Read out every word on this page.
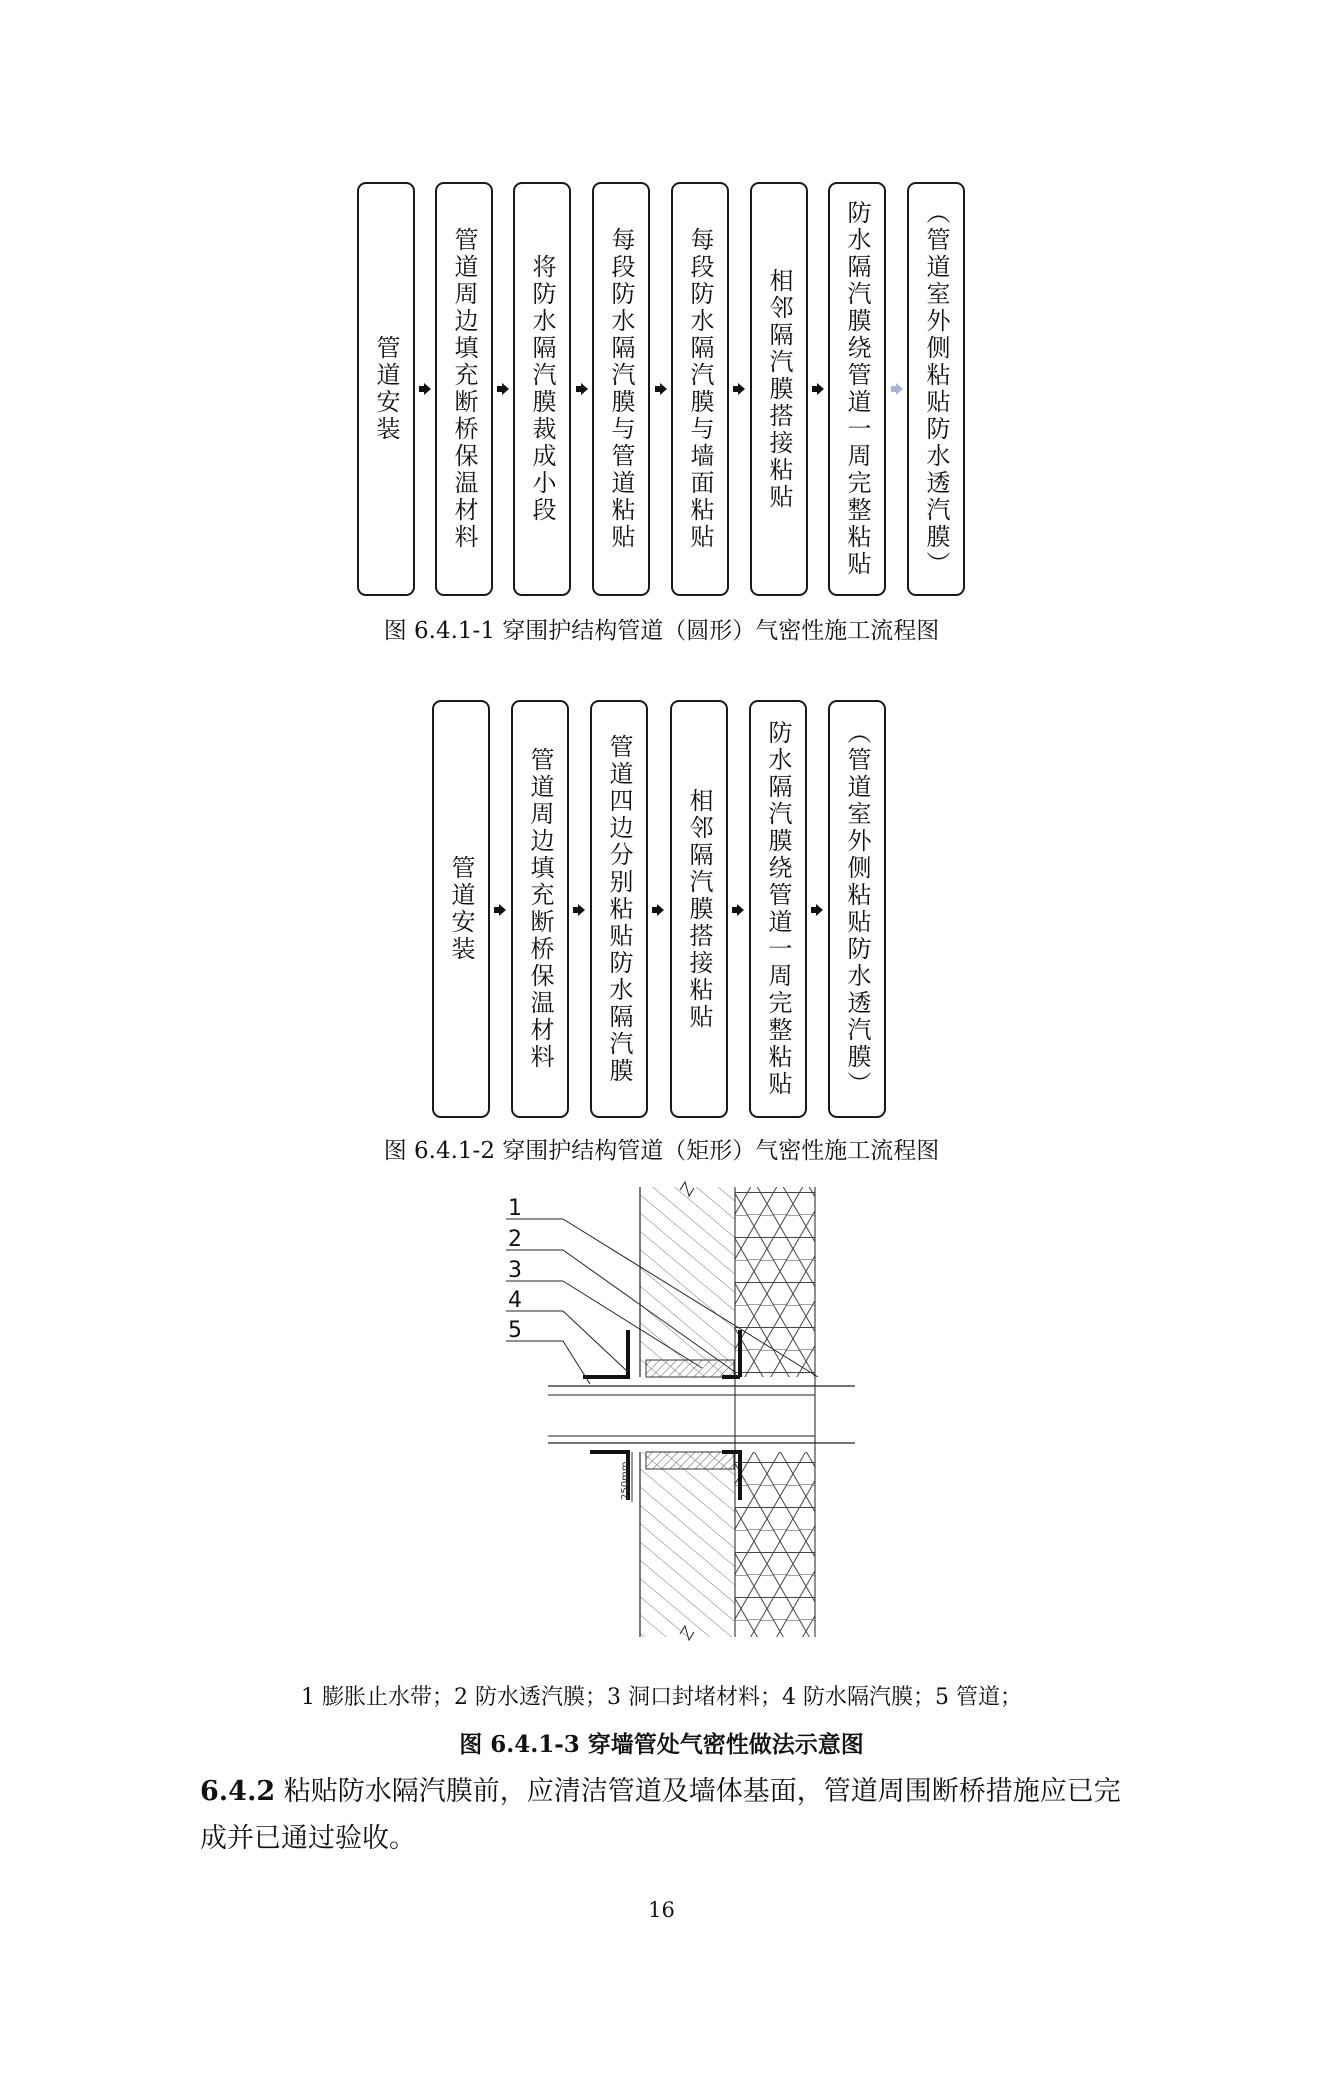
管道安装 管道周边填充断桥保温材料 将防水隔汽膜裁成小段 每段防水隔汽膜与管道粘贴 每段防水隔汽膜与墙面粘贴 相邻隔汽膜搭接粘贴 防水隔汽膜绕管道一周完整粘贴 （管道室外侧粘贴防水透汽膜）
图 6.4.1-1 穿围护结构管道（圆形）气密性施工流程图
管道安装 管道周边填充断桥保温材料 管道四边分别粘贴防水隔汽膜 相邻隔汽膜搭接粘贴 防水隔汽膜绕管道一周完整粘贴 （管道室外侧粘贴防水透汽膜）
图 6.4.1-2 穿围护结构管道（矩形）气密性施工流程图
250mm
1
2
3
4
5
1 膨胀止水带；2 防水透汽膜；3 洞口封堵材料；4 防水隔汽膜；5 管道；
图 6.4.1-3 穿墙管处气密性做法示意图
6.4.2 粘贴防水隔汽膜前，应清洁管道及墙体基面，管道周围断桥措施应已完成并已通过验收。
16
